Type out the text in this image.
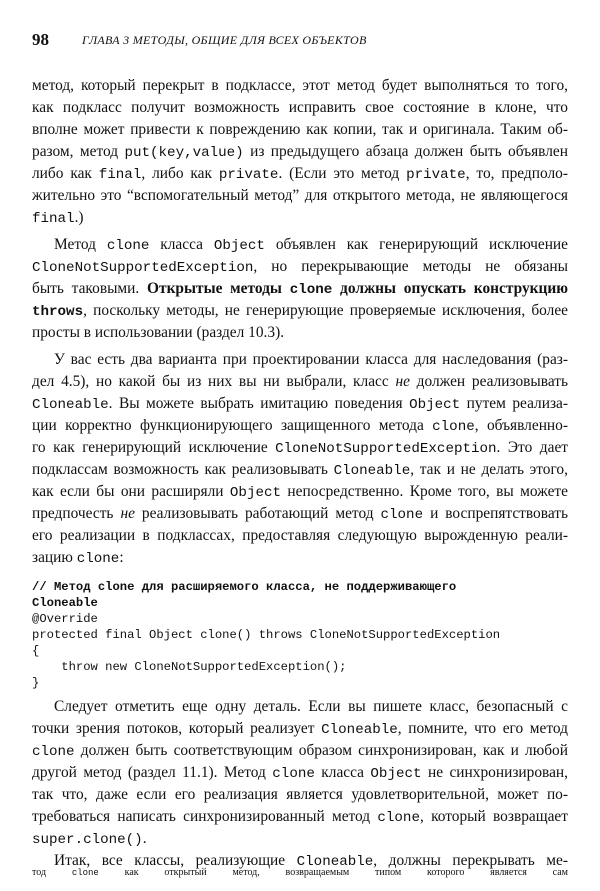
98	ГЛАВА 3 МЕТОДЫ, ОБЩИЕ ДЛЯ ВСЕХ ОБЪЕКТОВ
метод, который перекрыт в подклассе, этот метод будет выполняться то того,
как подкласс получит возможность исправить свое состояние в клоне, что
вполне может привести к повреждению как копии, так и оригинала. Таким об-
разом, метод put(key,value) из предыдущего абзаца должен быть объявлен
либо как final, либо как private. (Если это метод private, то, предполо-
жительно это “вспомогательный метод” для открытого метода, не являющегося
final.)
Метод clone класса Object объявлен как генерирующий исключение
CloneNotSupportedException, но перекрывающие методы не обязаны
быть таковыми. Открытые методы clone должны опускать конструкцию
throws, поскольку методы, не генерирующие проверяемые исключения, более
просты в использовании (раздел 10.3).
У вас есть два варианта при проектировании класса для наследования (раз-
дел 4.5), но какой бы из них вы ни выбрали, класс не должен реализовывать
Cloneable. Вы можете выбрать имитацию поведения Object путем реализа-
ции корректно функционирующего защищенного метода clone, объявленно-
го как генерирующий исключение CloneNotSupportedException. Это дает
подклассам возможность как реализовывать Cloneable, так и не делать этого,
как если бы они расширяли Object непосредственно. Кроме того, вы можете
предпочесть не реализовывать работающий метод clone и воспрепятствовать
его реализации в подклассах, предоставляя следующую вырожденную реали-
зацию clone:
// Метод clone для расширяемого класса, не поддерживающего
Cloneable
@Override
protected final Object clone() throws CloneNotSupportedException
{
throw new CloneNotSupportedException();
}
Следует отметить еще одну деталь. Если вы пишете класс, безопасный с
точки зрения потоков, который реализует Cloneable, помните, что его метод
clone должен быть соответствующим образом синхронизирован, как и любой
другой метод (раздел 11.1). Метод clone класса Object не синхронизирован,
так что, даже если его реализация является удовлетворительной, может по-
требоваться написать синхронизированный метод clone, который возвращает
super.clone().
Итак, все классы, реализующие Cloneable, должны перекрывать ме-
тод clone как открытый метод, возвращаемым типом которого является сам
